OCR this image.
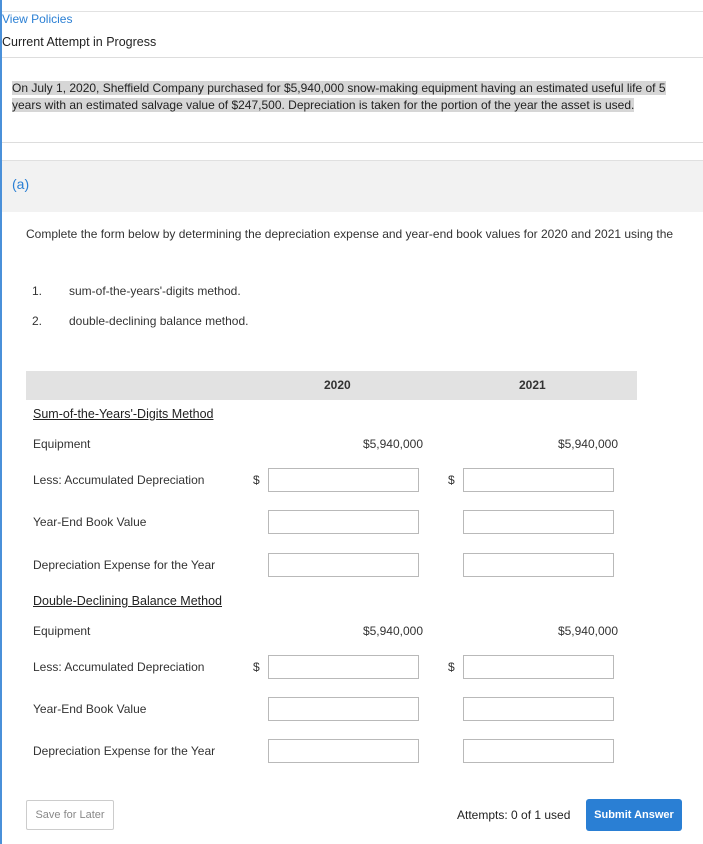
View Policies
Current Attempt in Progress
On July 1, 2020, Sheffield Company purchased for $5,940,000 snow-making equipment having an estimated useful life of 5 years with an estimated salvage value of $247,500. Depreciation is taken for the portion of the year the asset is used.
(a)
Complete the form below by determining the depreciation expense and year-end book values for 2020 and 2021 using the
1. sum-of-the-years'-digits method.
2. double-declining balance method.
2020	2021
Sum-of-the-Years'-Digits Method
Equipment	$5,940,000	$5,940,000
Less: Accumulated Depreciation	$	$
Year-End Book Value
Depreciation Expense for the Year
Double-Declining Balance Method
Equipment	$5,940,000	$5,940,000
Less: Accumulated Depreciation	$	$
Year-End Book Value
Depreciation Expense for the Year
Save for Later	Attempts: 0 of 1 used	Submit Answer
